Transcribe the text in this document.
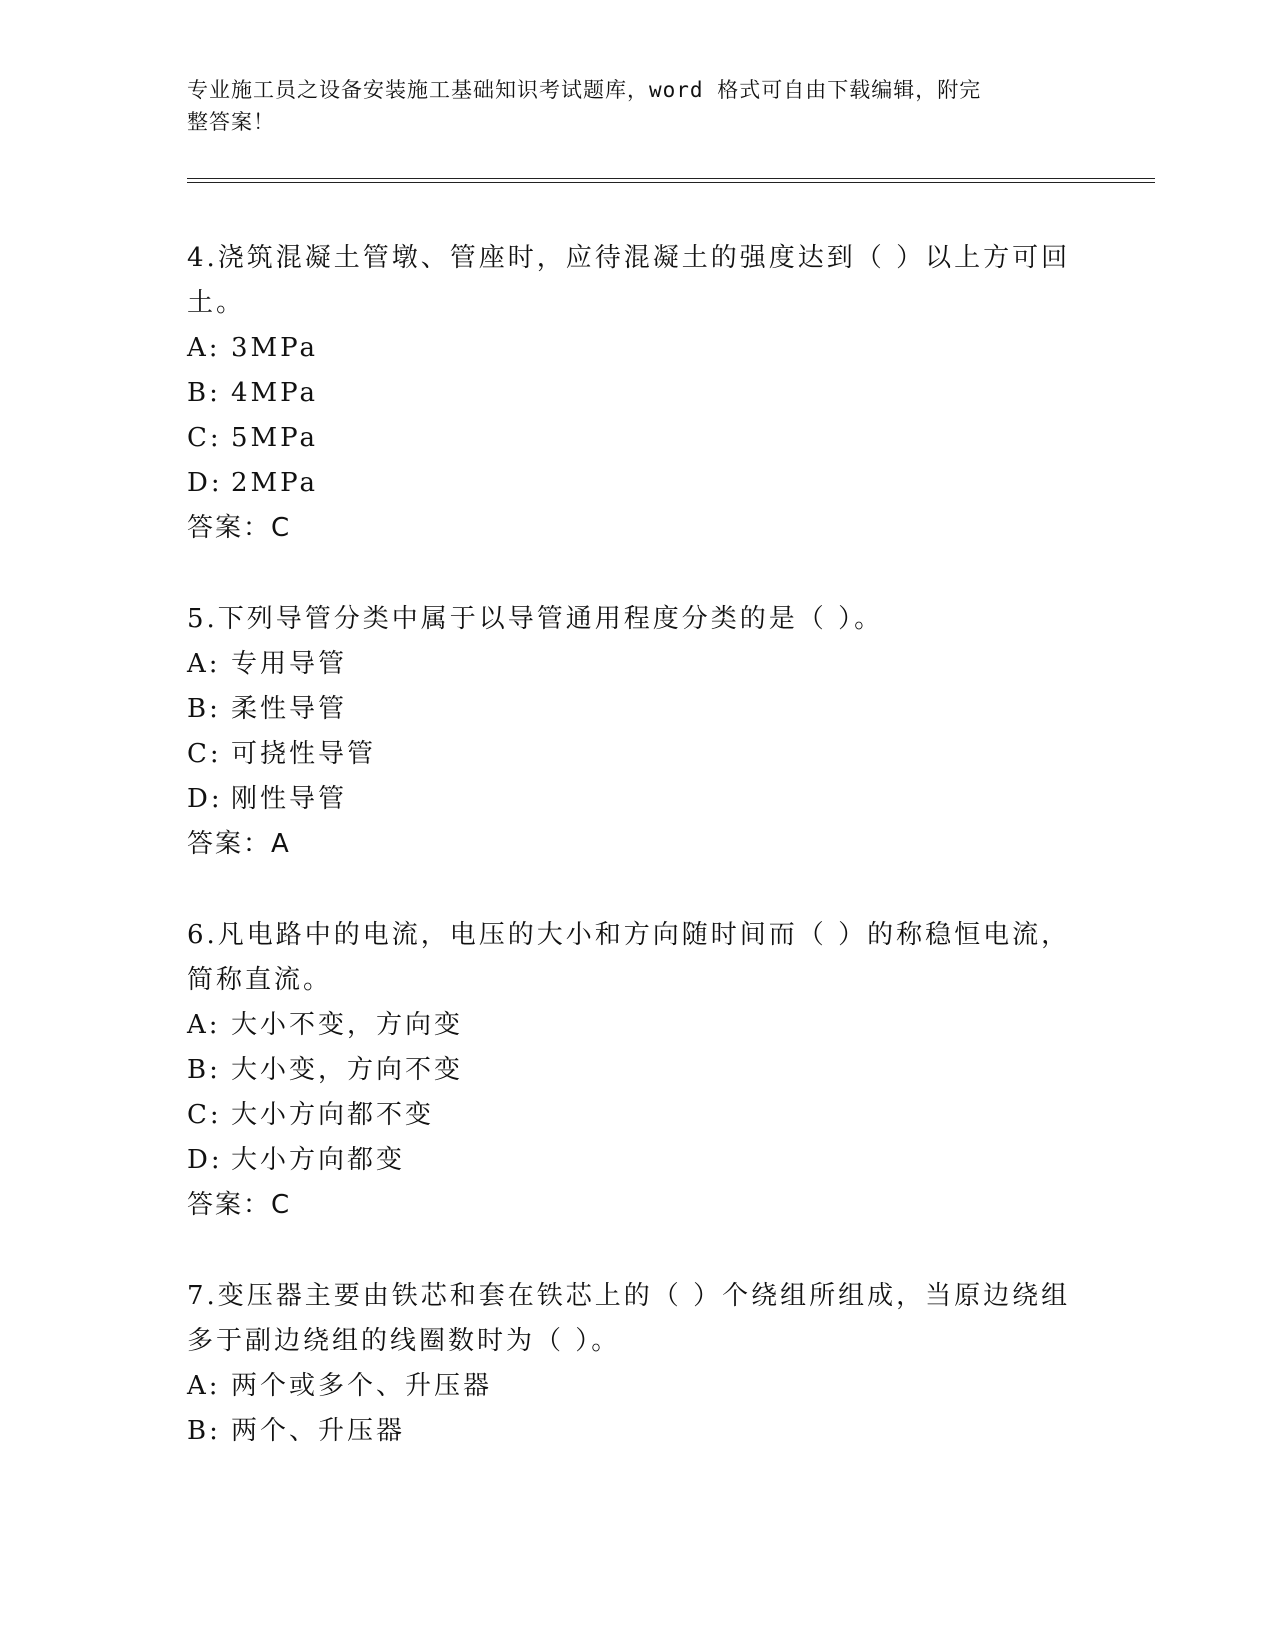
专业施工员之设备安装施工基础知识考试题库，word 格式可自由下载编辑，附完
整答案！
4.浇筑混凝土管墩、管座时，应待混凝土的强度达到（ ）以上方可回土。
A: 3MPa
B: 4MPa
C: 5MPa
D: 2MPa
答案：C
5.下列导管分类中属于以导管通用程度分类的是（ ）。
A: 专用导管
B: 柔性导管
C: 可挠性导管
D: 刚性导管
答案：A
6.凡电路中的电流，电压的大小和方向随时间而（ ）的称稳恒电流，简称直流。
A: 大小不变，方向变
B: 大小变，方向不变
C: 大小方向都不变
D: 大小方向都变
答案：C
7.变压器主要由铁芯和套在铁芯上的（ ）个绕组所组成，当原边绕组多于副边绕组的线圈数时为（ ）。
A: 两个或多个、升压器
B: 两个、升压器
